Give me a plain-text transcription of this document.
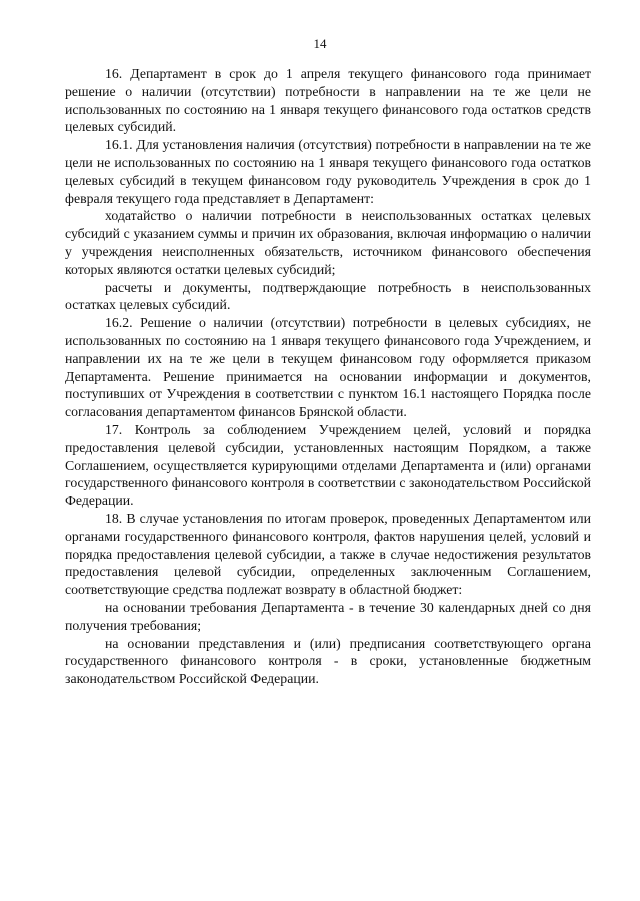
14

16. Департамент в срок до 1 апреля текущего финансового года принимает решение о наличии (отсутствии) потребности в направлении на те же цели не использованных по состоянию на 1 января текущего финансового года остатков средств целевых субсидий.

16.1. Для установления наличия (отсутствия) потребности в направлении на те же цели не использованных по состоянию на 1 января текущего финансового года остатков целевых субсидий в текущем финансовом году руководитель Учреждения в срок до 1 февраля текущего года представляет в Департамент:

ходатайство о наличии потребности в неиспользованных остатках целевых субсидий с указанием суммы и причин их образования, включая информацию о наличии у учреждения неисполненных обязательств, источником финансового обеспечения которых являются остатки целевых субсидий;

расчеты и документы, подтверждающие потребность в неиспользованных остатках целевых субсидий.

16.2. Решение о наличии (отсутствии) потребности в целевых субсидиях, не использованных по состоянию на 1 января текущего финансового года Учреждением, и направлении их на те же цели в текущем финансовом году оформляется приказом Департамента. Решение принимается на основании информации и документов, поступивших от Учреждения в соответствии с пунктом 16.1 настоящего Порядка после согласования департаментом финансов Брянской области.

17. Контроль за соблюдением Учреждением целей, условий и порядка предоставления целевой субсидии, установленных настоящим Порядком, а также Соглашением, осуществляется курирующими отделами Департамента и (или) органами государственного финансового контроля в соответствии с законодательством Российской Федерации.

18. В случае установления по итогам проверок, проведенных Департаментом или органами государственного финансового контроля, фактов нарушения целей, условий и порядка предоставления целевой субсидии, а также в случае недостижения результатов предоставления целевой субсидии, определенных заключенным Соглашением, соответствующие средства подлежат возврату в областной бюджет:

на основании требования Департамента - в течение 30 календарных дней со дня получения требования;

на основании представления и (или) предписания соответствующего органа государственного финансового контроля - в сроки, установленные бюджетным законодательством Российской Федерации.
